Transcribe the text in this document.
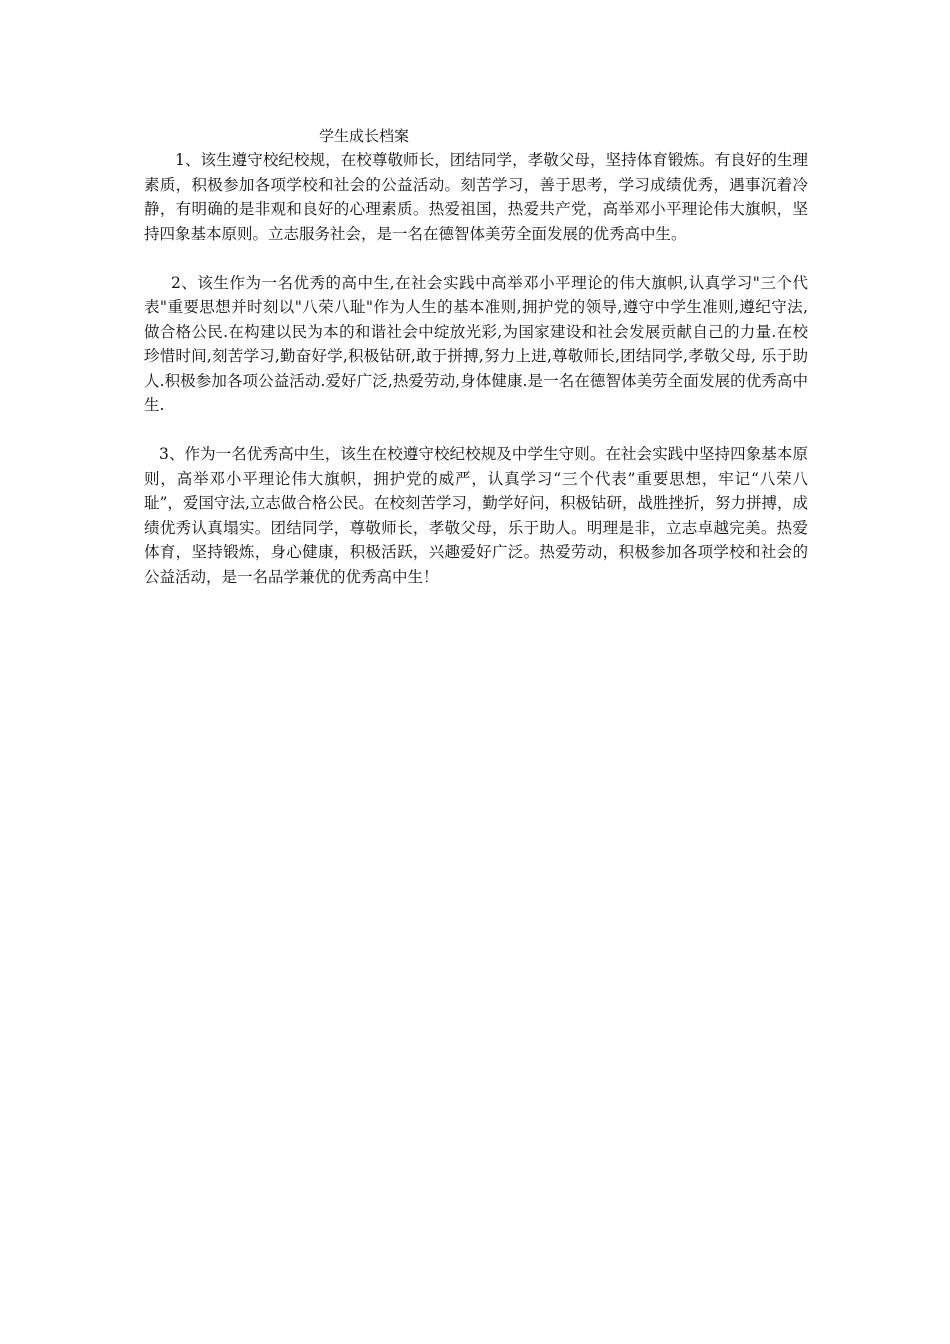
学生成长档案

1、该生遵守校纪校规，在校尊敬师长，团结同学，孝敬父母，坚持体育锻炼。有良好的生理素质，积极参加各项学校和社会的公益活动。刻苦学习，善于思考，学习成绩优秀，遇事沉着冷静，有明确的是非观和良好的心理素质。热爱祖国，热爱共产党，高举邓小平理论伟大旗帜，坚持四象基本原则。立志服务社会，是一名在德智体美劳全面发展的优秀高中生。

2、该生作为一名优秀的高中生,在社会实践中高举邓小平理论的伟大旗帜,认真学习"三个代表"重要思想并时刻以"八荣八耻"作为人生的基本准则,拥护党的领导,遵守中学生准则,遵纪守法, 做合格公民.在构建以民为本的和谐社会中绽放光彩,为国家建设和社会发展贡献自己的力量.在校珍惜时间,刻苦学习,勤奋好学,积极钻研,敢于拼搏,努力上进,尊敬师长,团结同学,孝敬父母, 乐于助人.积极参加各项公益活动.爱好广泛,热爱劳动,身体健康.是一名在德智体美劳全面发展的优秀高中生.

3、作为一名优秀高中生，该生在校遵守校纪校规及中学生守则。在社会实践中坚持四象基本原则，高举邓小平理论伟大旗帜，拥护党的威严，认真学习“三个代表”重要思想，牢记“八荣八耻”，爱国守法,立志做合格公民。在校刻苦学习，勤学好问，积极钻研，战胜挫折，努力拼搏，成绩优秀认真塌实。团结同学，尊敬师长，孝敬父母，乐于助人。明理是非，立志卓越完美。热爱体育，坚持锻炼，身心健康，积极活跃，兴趣爱好广泛。热爱劳动，积极参加各项学校和社会的公益活动，是一名品学兼优的优秀高中生！
